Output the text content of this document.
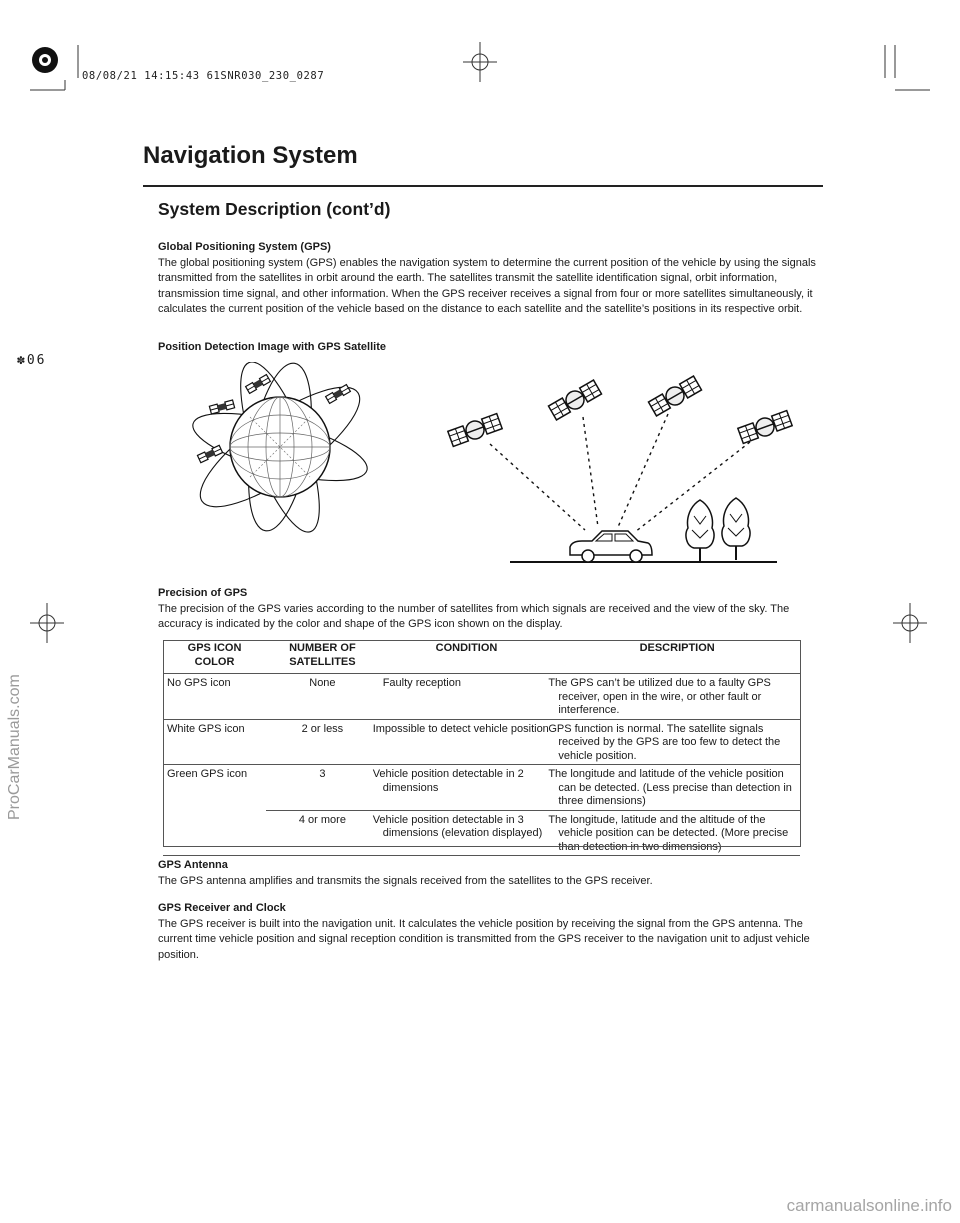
08/08/21 14:15:43 61SNR030_230_0287
✽06
ProCarManuals.com
carmanualsonline.info
Navigation System
System Description (cont’d)
Global Positioning System (GPS)

The global positioning system (GPS) enables the navigation system to determine the current position of the vehicle by using the signals transmitted from the satellites in orbit around the earth. The satellites transmit the satellite identification signal, orbit information, transmission time signal, and other information. When the GPS receiver receives a signal from four or more satellites simultaneously, it calculates the current position of the vehicle based on the distance to each satellite and the satellite’s positions in its respective orbit.

Position Detection Image with GPS Satellite
Precision of GPS

The precision of the GPS varies according to the number of satellites from which signals are received and the view of the sky. The accuracy is indicated by the color and shape of the GPS icon shown on the display.

GPS ICON COLOR	NUMBER OF SATELLITES	CONDITION	DESCRIPTION
No GPS icon	None	Faulty reception	The GPS can’t be utilized due to a faulty GPS receiver, open in the wire, or other fault or interference.
White GPS icon	2 or less	Impossible to detect vehicle position	GPS function is normal. The satellite signals received by the GPS are too few to detect the vehicle position.
Green GPS icon	3	Vehicle position detectable in 2 dimensions	The longitude and latitude of the vehicle position can be detected. (Less precise than detection in three dimensions)
	4 or more	Vehicle position detectable in 3 dimensions (elevation displayed)	The longitude, latitude and the altitude of the vehicle position can be detected. (More precise than detection in two dimensions)
GPS Antenna

The GPS antenna amplifies and transmits the signals received from the satellites to the GPS receiver.

GPS Receiver and Clock

The GPS receiver is built into the navigation unit. It calculates the vehicle position by receiving the signal from the GPS antenna. The current time vehicle position and signal reception condition is transmitted from the GPS receiver to the navigation unit to adjust vehicle position.
